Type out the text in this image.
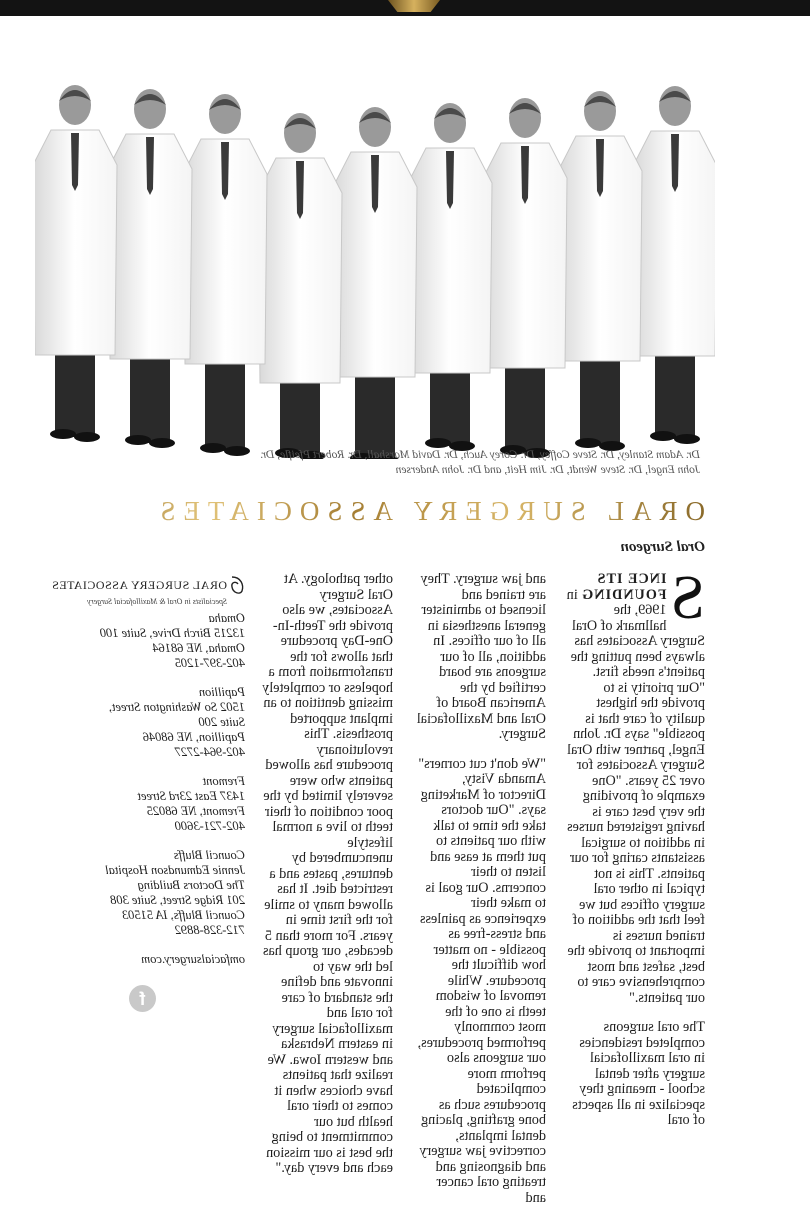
Dr. Adam Stanley, Dr. Steve Coffey, Dr. Corey Auch, Dr. David Marshall, Dr. Robert Pfeifle, Dr. John Engel, Dr. Steve Wendt, Dr. Jim Heit, and Dr. John Andersen
ORAL SURGERY ASSOCIATES
Oral Surgeon

S
INCE ITS FOUNDING in 1969, the hallmark of Oral Surgery Associates has always been putting the patient's needs first. "Our priority is to provide the highest quality of care that is possible" says Dr. John Engel, partner with Oral Surgery Associates for over 25 years. "One example of providing the very best care is having registered nurses in addition to surgical assistants caring for our patients. This is not typical in other oral surgery offices but we feel that the addition of trained nurses is important to provide the best, safest and most comprehensive care to our patients."

The oral surgeons completed residencies in oral maxillofacial surgery after dental school - meaning they specialize in all aspects of oral

and jaw surgery. They are trained and licensed to administer general anesthesia in all of our offices. In addition, all of our surgeons are board certified by the American Board of Oral and Maxillofacial Surgery.

"We don't cut corners" Amanda Visty, Director of Marketing says. "Our doctors take the time to talk with our patients to put them at ease and listen to their concerns. Our goal is to make their experience as painless and stress-free as possible - no matter how difficult the procedure. While removal of wisdom teeth is one of the most commonly performed procedures, our surgeons also perform more complicated procedures such as bone grafting, placing dental implants, corrective jaw surgery and diagnosing and treating oral cancer and

other pathology. At Oral Surgery Associates, we also provide the Teeth-In-One-Day procedure that allows for the transformation from a hopeless or completely missing dentition to an implant supported prosthesis. This revolutionary procedure has allowed patients who were severely limited by the poor condition of their teeth to live a normal lifestyle unencumbered by dentures, pastes and a restricted diet. It has allowed many to smile for the first time in years. For more than 5 decades, our group has led the way to innovate and define the standard of care for oral and maxillofacial surgery in eastern Nebraska and western Iowa. We realize that patients have choices when it comes to their oral health but our commitment to being the best is our mission each and every day."

ORAL SURGERY ASSOCIATES
Specialists in Oral & Maxillofacial Surgery
Omaha
13215 Birch Drive, Suite 100
Omaha, NE 68164
402-397-1205
Papillion
1502 So Washington Street,
Suite 200
Papillion, NE 68046
402-964-2727
Fremont
1437 East 23rd Street
Fremont, NE 68025
402-721-3600
Council Bluffs
Jennie Edmundson Hospital
The Doctors Building
201 Ridge Street, Suite 308
Council Bluffs, IA 51503
712-328-8892
omfacialsurgery.com
f
